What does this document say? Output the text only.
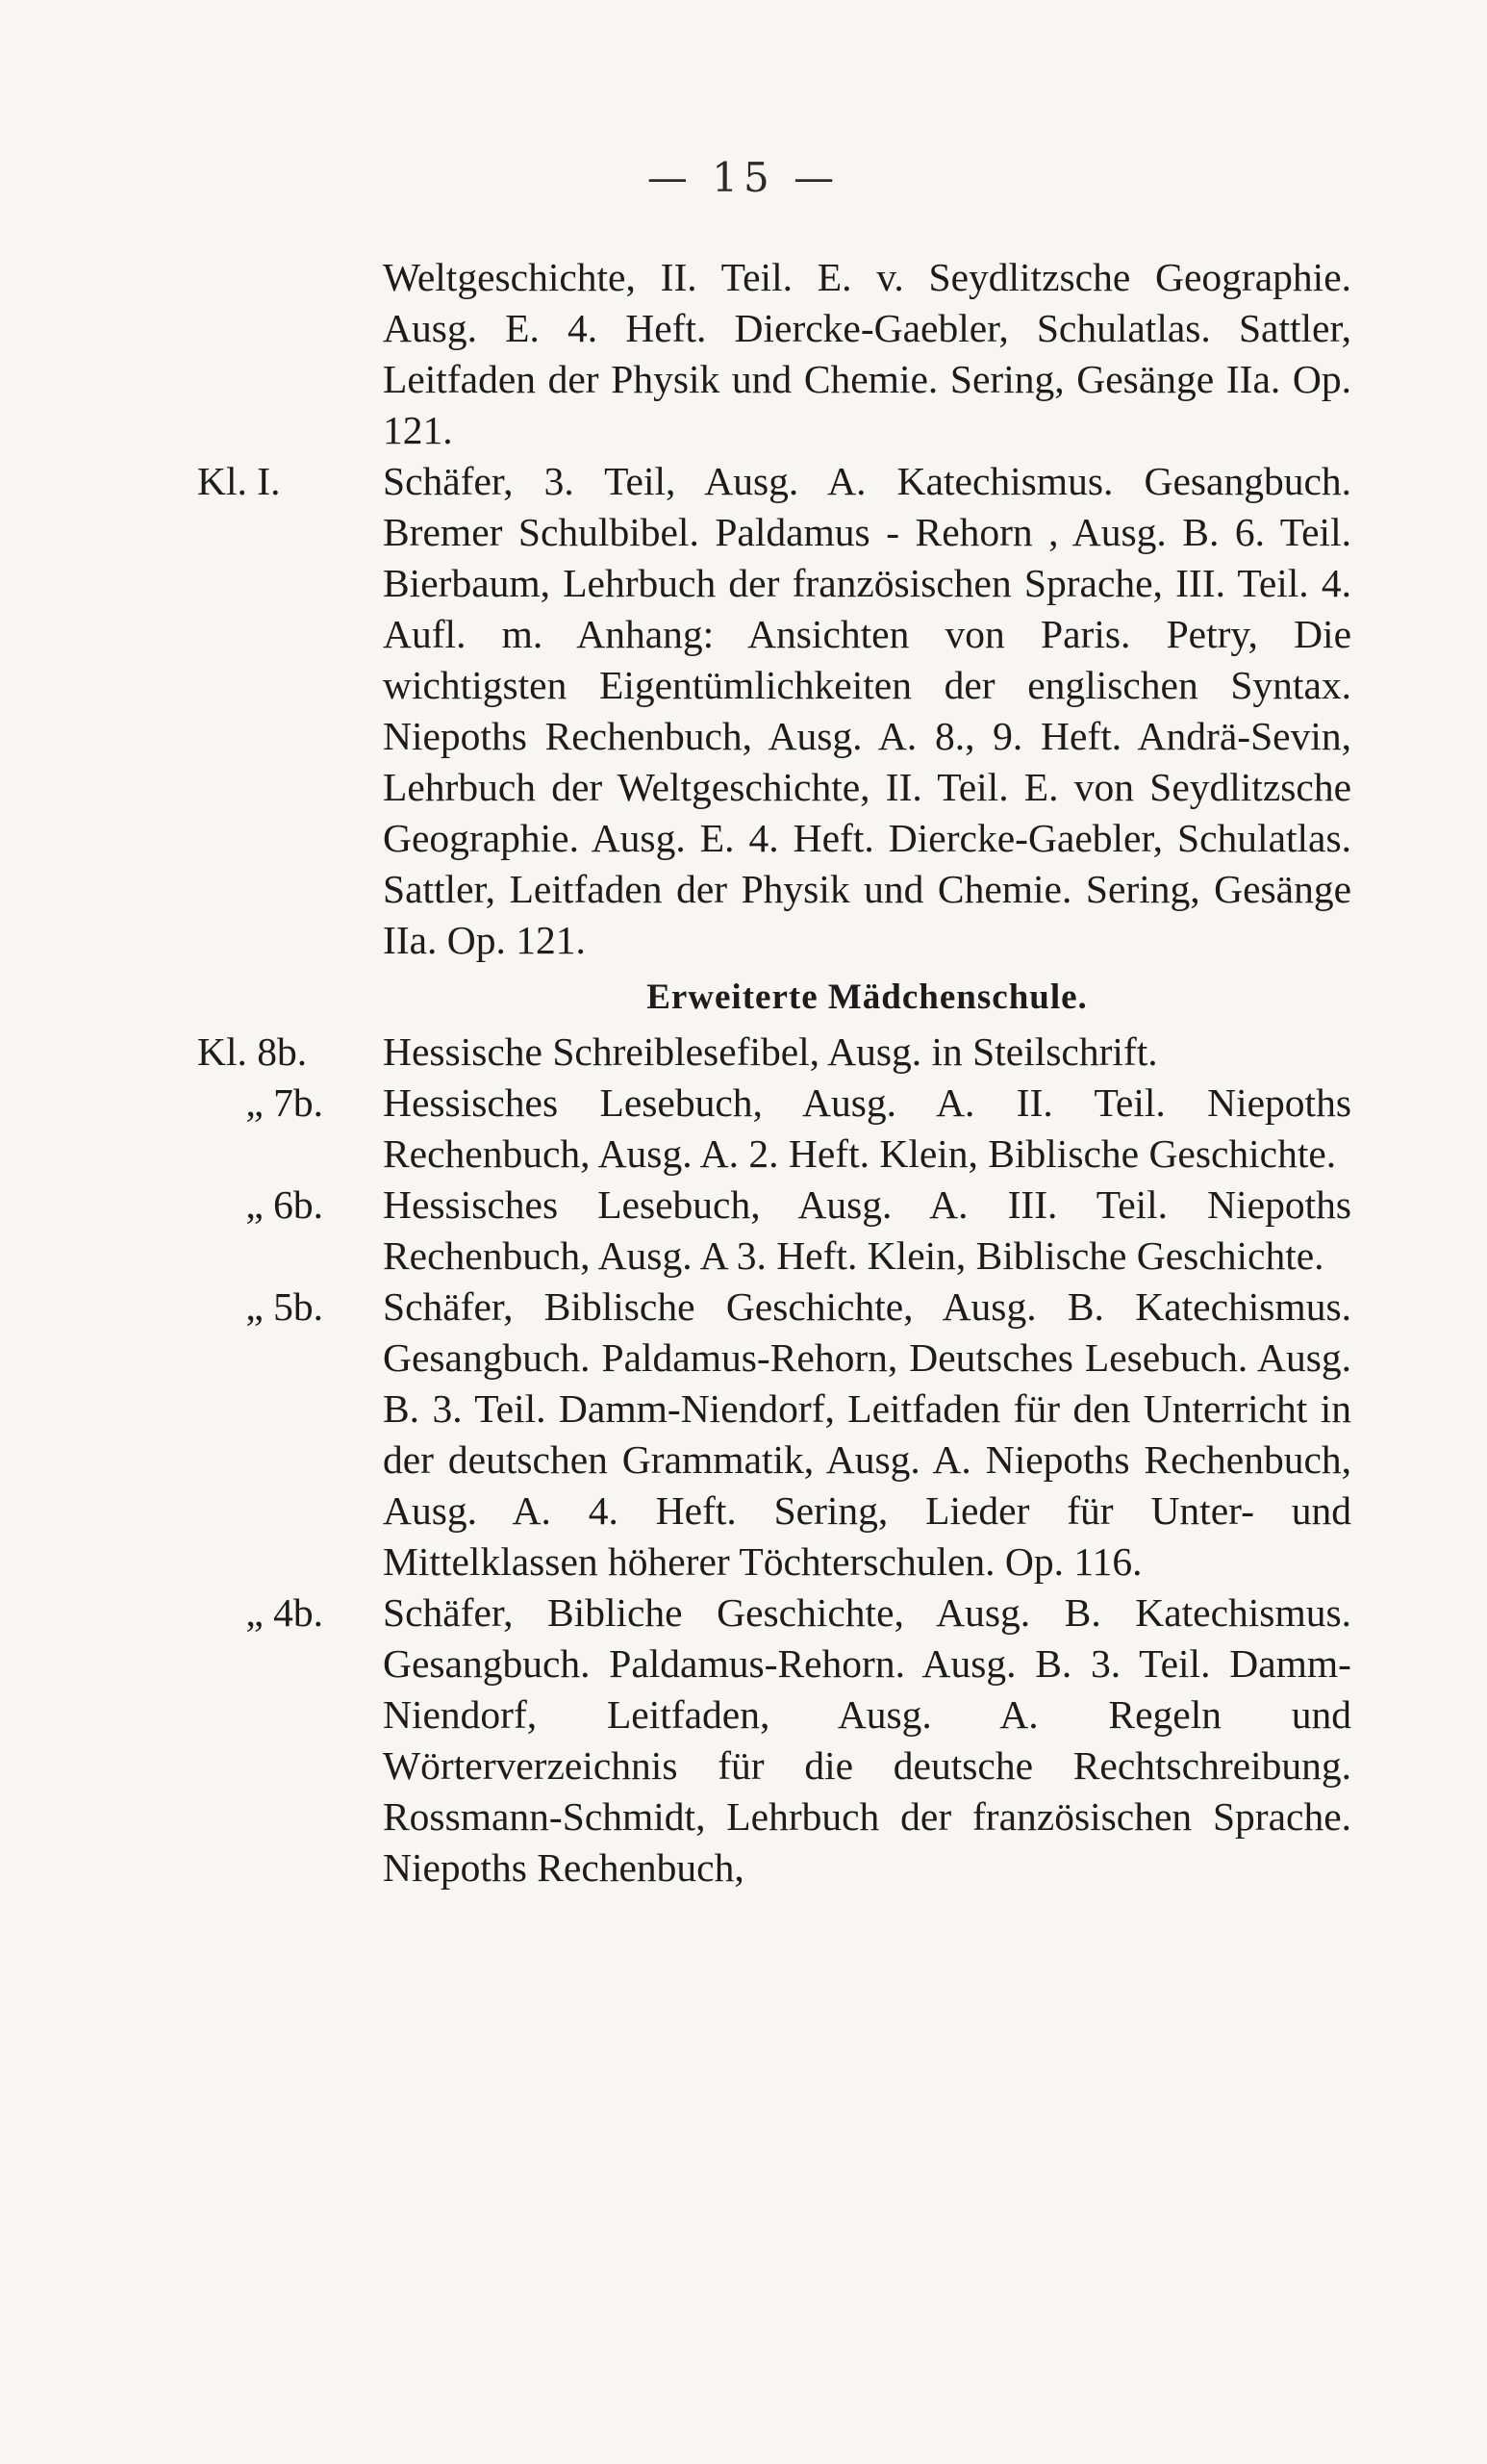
— 15 —
Weltgeschichte, II. Teil. E. v. Seydlitzsche Geographie. Ausg. E. 4. Heft. Diercke-Gaebler, Schulatlas. Sattler, Leitfaden der Physik und Chemie. Sering, Gesänge IIa. Op. 121.
Kl. I.	Schäfer, 3. Teil, Ausg. A. Katechismus. Gesangbuch. Bremer Schulbibel. Paldamus - Rehorn , Ausg. B. 6. Teil. Bierbaum, Lehrbuch der französischen Sprache, III. Teil. 4. Aufl. m. Anhang: Ansichten von Paris. Petry, Die wichtigsten Eigentümlichkeiten der englischen Syntax. Niepoths Rechenbuch, Ausg. A. 8., 9. Heft. Andrä-Sevin, Lehrbuch der Weltgeschichte, II. Teil. E. von Seydlitzsche Geographie. Ausg. E. 4. Heft. Diercke-Gaebler, Schulatlas. Sattler, Leitfaden der Physik und Chemie. Sering, Gesänge IIa. Op. 121.
Erweiterte Mädchenschule.
Kl. 8b.	Hessische Schreiblesefibel, Ausg. in Steilschrift.
„ 7b.	Hessisches Lesebuch, Ausg. A. II. Teil. Niepoths Rechenbuch, Ausg. A. 2. Heft. Klein, Biblische Geschichte.
„ 6b.	Hessisches Lesebuch, Ausg. A. III. Teil. Niepoths Rechenbuch, Ausg. A 3. Heft. Klein, Biblische Geschichte.
„ 5b.	Schäfer, Biblische Geschichte, Ausg. B. Katechismus. Gesangbuch. Paldamus-Rehorn, Deutsches Lesebuch. Ausg. B. 3. Teil. Damm-Niendorf, Leitfaden für den Unterricht in der deutschen Grammatik, Ausg. A. Niepoths Rechenbuch, Ausg. A. 4. Heft. Sering, Lieder für Unter- und Mittelklassen höherer Töchterschulen. Op. 116.
„ 4b.	Schäfer, Bibliche Geschichte, Ausg. B. Katechismus. Gesangbuch. Paldamus-Rehorn. Ausg. B. 3. Teil. Damm-Niendorf, Leitfaden, Ausg. A. Regeln und Wörterverzeichnis für die deutsche Rechtschreibung. Rossmann-Schmidt, Lehrbuch der französischen Sprache. Niepoths Rechenbuch,
